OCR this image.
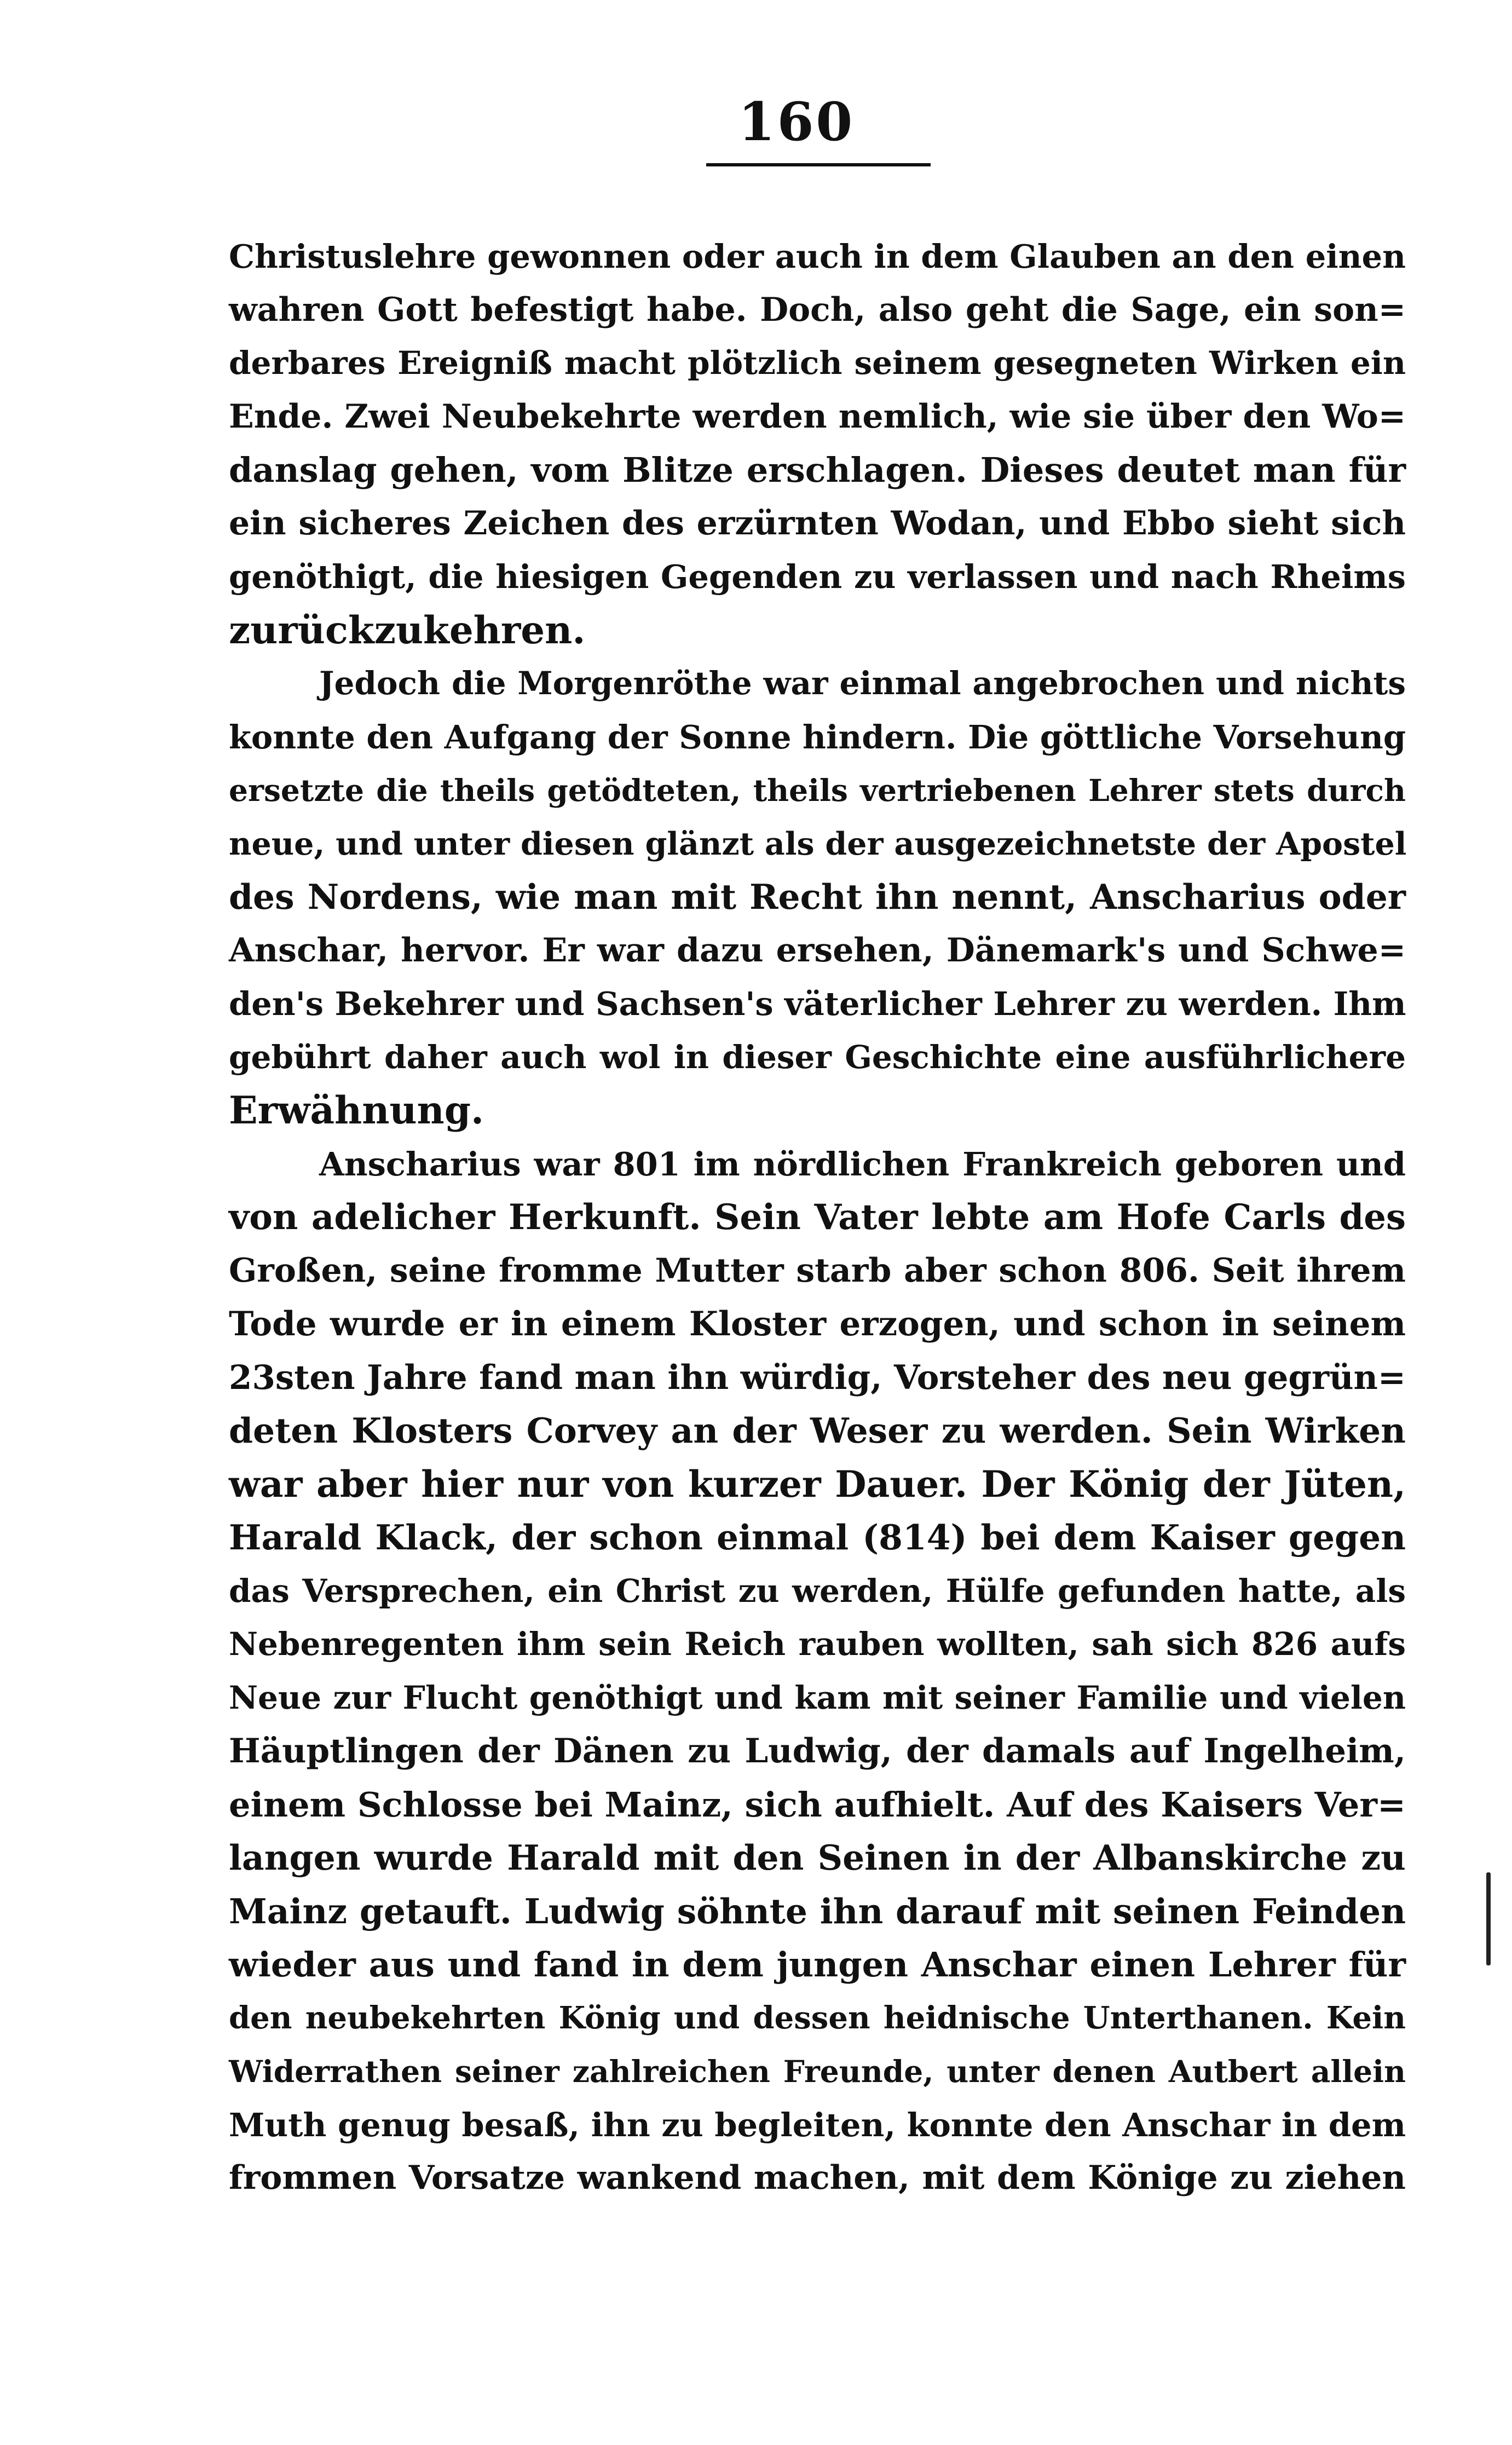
160
Christuslehre gewonnen oder auch in dem Glauben an den einen
wahren Gott befestigt habe. Doch, also geht die Sage, ein son=
derbares Ereigniß macht plötzlich seinem gesegneten Wirken ein
Ende. Zwei Neubekehrte werden nemlich, wie sie über den Wo=
danslag gehen, vom Blitze erschlagen. Dieses deutet man für
ein sicheres Zeichen des erzürnten Wodan, und Ebbo sieht sich
genöthigt, die hiesigen Gegenden zu verlassen und nach Rheims
zurückzukehren.
Jedoch die Morgenröthe war einmal angebrochen und nichts
konnte den Aufgang der Sonne hindern. Die göttliche Vorsehung
ersetzte die theils getödteten, theils vertriebenen Lehrer stets durch
neue, und unter diesen glänzt als der ausgezeichnetste der Apostel
des Nordens, wie man mit Recht ihn nennt, Anscharius oder
Anschar, hervor. Er war dazu ersehen, Dänemark's und Schwe=
den's Bekehrer und Sachsen's väterlicher Lehrer zu werden. Ihm
gebührt daher auch wol in dieser Geschichte eine ausführlichere
Erwähnung.
Anscharius war 801 im nördlichen Frankreich geboren und
von adelicher Herkunft. Sein Vater lebte am Hofe Carls des
Großen, seine fromme Mutter starb aber schon 806. Seit ihrem
Tode wurde er in einem Kloster erzogen, und schon in seinem
23sten Jahre fand man ihn würdig, Vorsteher des neu gegrün=
deten Klosters Corvey an der Weser zu werden. Sein Wirken
war aber hier nur von kurzer Dauer. Der König der Jüten,
Harald Klack, der schon einmal (814) bei dem Kaiser gegen
das Versprechen, ein Christ zu werden, Hülfe gefunden hatte, als
Nebenregenten ihm sein Reich rauben wollten, sah sich 826 aufs
Neue zur Flucht genöthigt und kam mit seiner Familie und vielen
Häuptlingen der Dänen zu Ludwig, der damals auf Ingelheim,
einem Schlosse bei Mainz, sich aufhielt. Auf des Kaisers Ver=
langen wurde Harald mit den Seinen in der Albanskirche zu
Mainz getauft. Ludwig söhnte ihn darauf mit seinen Feinden
wieder aus und fand in dem jungen Anschar einen Lehrer für
den neubekehrten König und dessen heidnische Unterthanen. Kein
Widerrathen seiner zahlreichen Freunde, unter denen Autbert allein
Muth genug besaß, ihn zu begleiten, konnte den Anschar in dem
frommen Vorsatze wankend machen, mit dem Könige zu ziehen
